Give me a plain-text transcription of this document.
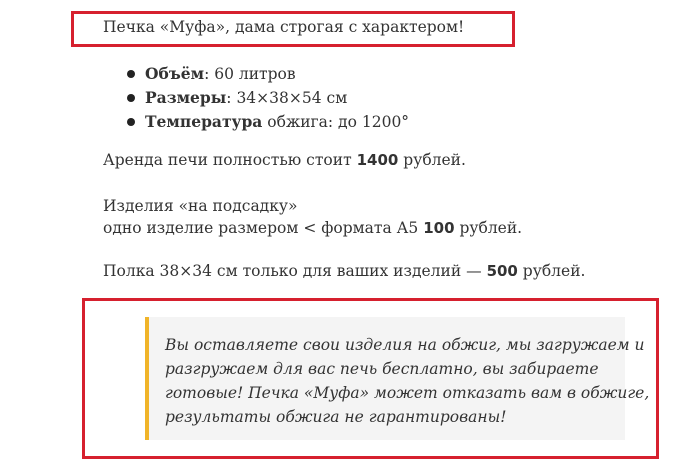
Печка «Муфа», дама строгая с характером!
Объём: 60 литров
Размеры: 34×38×54 см
Температура обжига: до 1200°
Аренда печи полностью стоит 1400 рублей.
Изделия «на подсадку»
одно изделие размером < формата А5 100 рублей.
Полка 38×34 см только для ваших изделий — 500 рублей.
Вы оставляете свои изделия на обжиг, мы загружаем и
разгружаем для вас печь бесплатно, вы забираете
готовые! Печка «Муфа» может отказать вам в обжиге,
результаты обжига не гарантированы!
